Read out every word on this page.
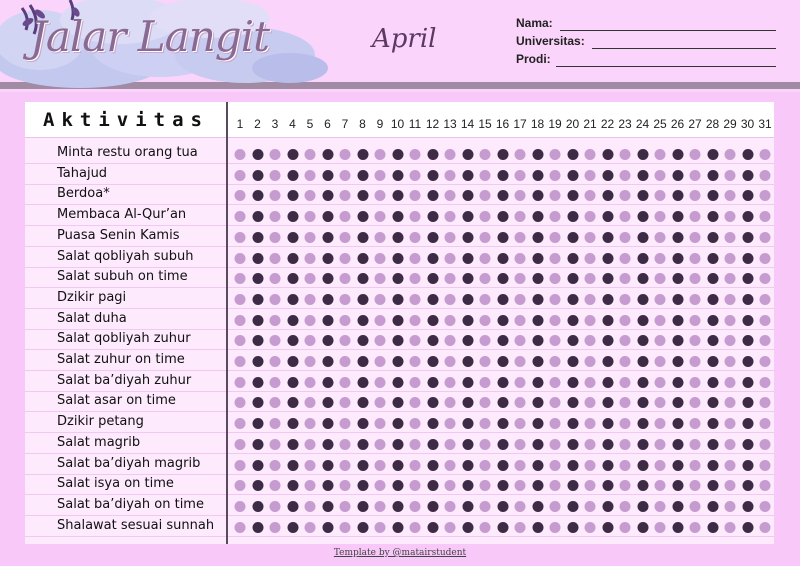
Jalar Langit	April
Nama:
Universitas:
Prodi:
Aktivitas 1 2 3 4 5 6 7 8 9 10 11 12 13 14 15 16 17 18 19 20 21 22 23 24 25 26 27 28 29 30 31
Minta restu orang tua
Tahajud
Berdoa*
Membaca Al-Qur’an
Puasa Senin Kamis
Salat qobliyah subuh
Salat subuh on time
Dzikir pagi
Salat duha
Salat qobliyah zuhur
Salat zuhur on time
Salat ba’diyah zuhur
Salat asar on time
Dzikir petang
Salat magrib
Salat ba’diyah magrib
Salat isya on time
Salat ba’diyah on time
Shalawat sesuai sunnah
Template by @matairstudent
